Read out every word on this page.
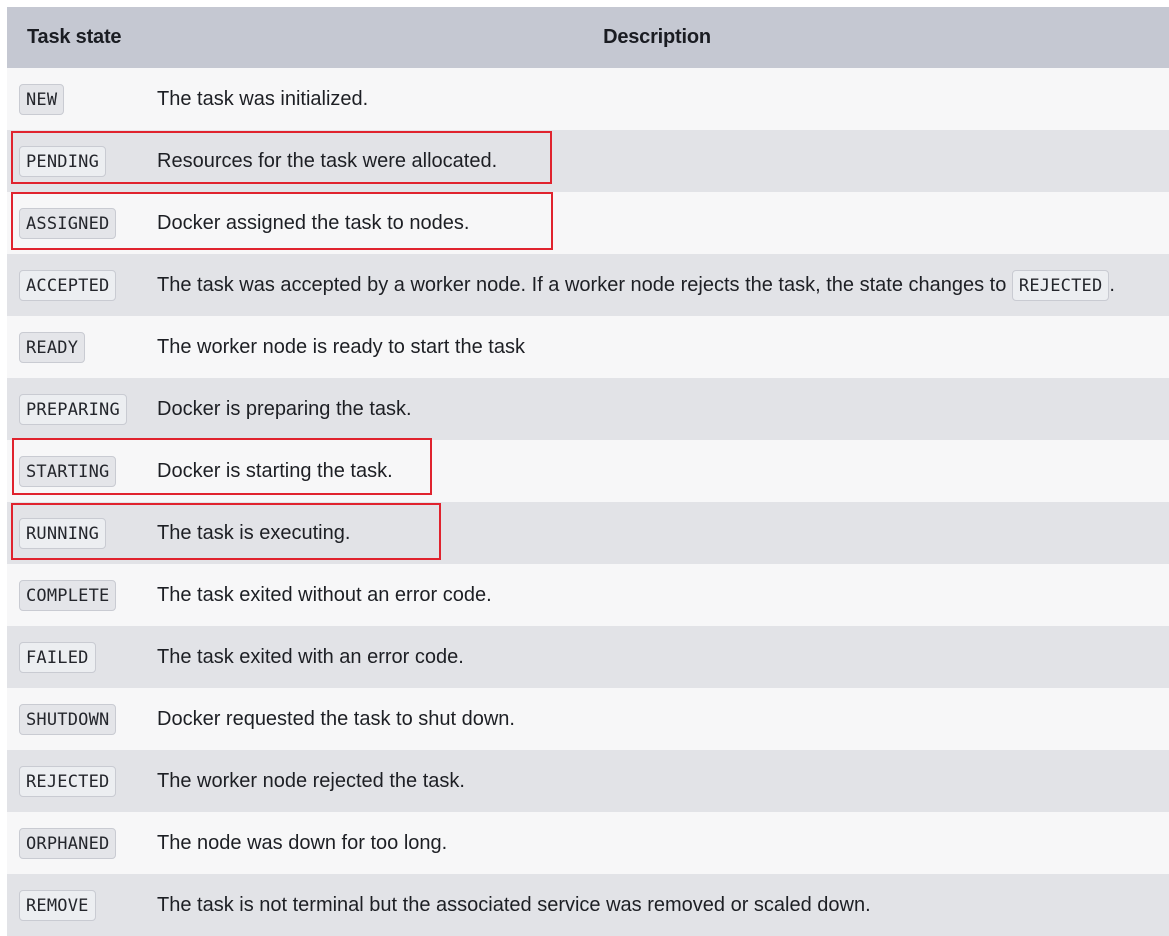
Task state	Description
NEW	The task was initialized.
PENDING	Resources for the task were allocated.
ASSIGNED	Docker assigned the task to nodes.
ACCEPTED	The task was accepted by a worker node. If a worker node rejects the task, the state changes to REJECTED .
READY	The worker node is ready to start the task
PREPARING	Docker is preparing the task.
STARTING	Docker is starting the task.
RUNNING	The task is executing.
COMPLETE	The task exited without an error code.
FAILED	The task exited with an error code.
SHUTDOWN	Docker requested the task to shut down.
REJECTED	The worker node rejected the task.
ORPHANED	The node was down for too long.
REMOVE	The task is not terminal but the associated service was removed or scaled down.
